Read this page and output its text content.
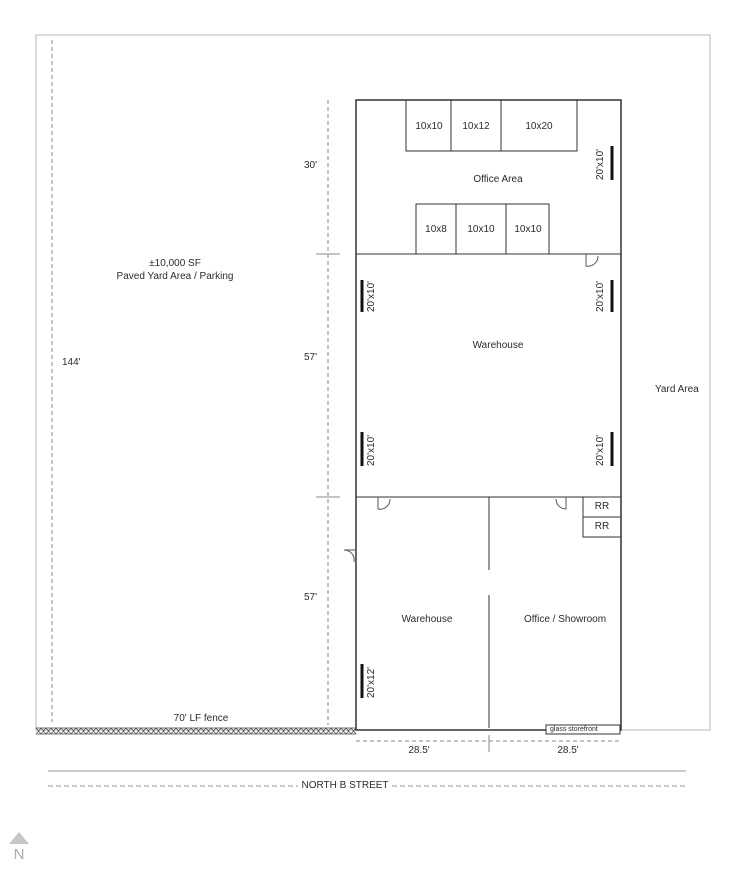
±10,000 SF
Paved Yard Area / Parking
144'
70' LF fence
Yard Area
NORTH B STREET
30'
57'
57'
28.5'	28.5'
10x10 10x12	10x20
Office Area
10x8 10x10 10x10
20'x10'
Warehouse
20'x10'
20'x10'
20'x10'
20'x10'
Warehouse	Office / Showroom
RR
RR
20'x12'
glass storefront
N
